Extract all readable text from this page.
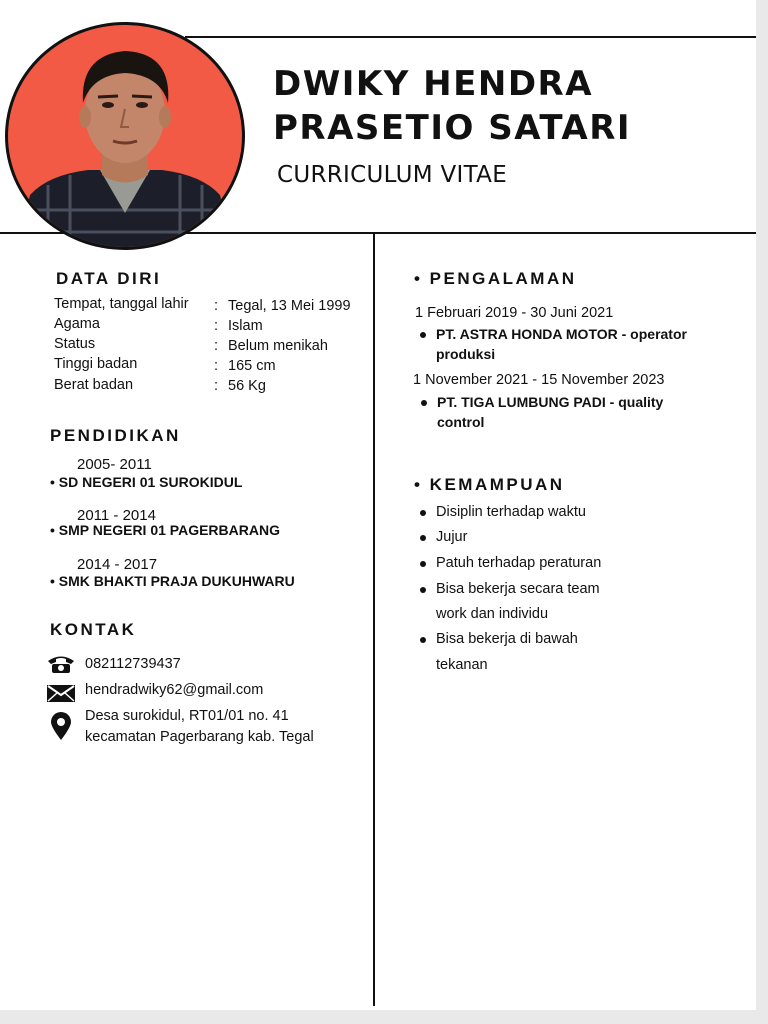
DWIKY HENDRA
PRASETIO SATARI
CURRICULUM VITAE
DATA DIRI
Tempat, tanggal lahir : Tegal, 13 Mei 1999
Agama	: Islam
Status	: Belum menikah
Tinggi badan	: 165 cm
Berat badan	: 56 Kg
PENDIDIKAN
2005- 2011
• SD NEGERI 01 SUROKIDUL
2011 - 2014
• SMP NEGERI 01 PAGERBARANG
2014 - 2017
• SMK BHAKTI PRAJA DUKUHWARU
KONTAK
082112739437
hendradwiky62@gmail.com
Desa surokidul, RT01/01 no. 41
kecamatan Pagerbarang kab. Tegal
• PENGALAMAN
1 Februari 2019 - 30 Juni 2021
PT. ASTRA HONDA MOTOR - operator
produksi
1 November 2021 - 15 November 2023
PT. TIGA LUMBUNG PADI - quality
control
• KEMAMPUAN
Disiplin terhadap waktu
Jujur
Patuh terhadap peraturan
Bisa bekerja secara team
work dan individu
Bisa bekerja di bawah
tekanan
